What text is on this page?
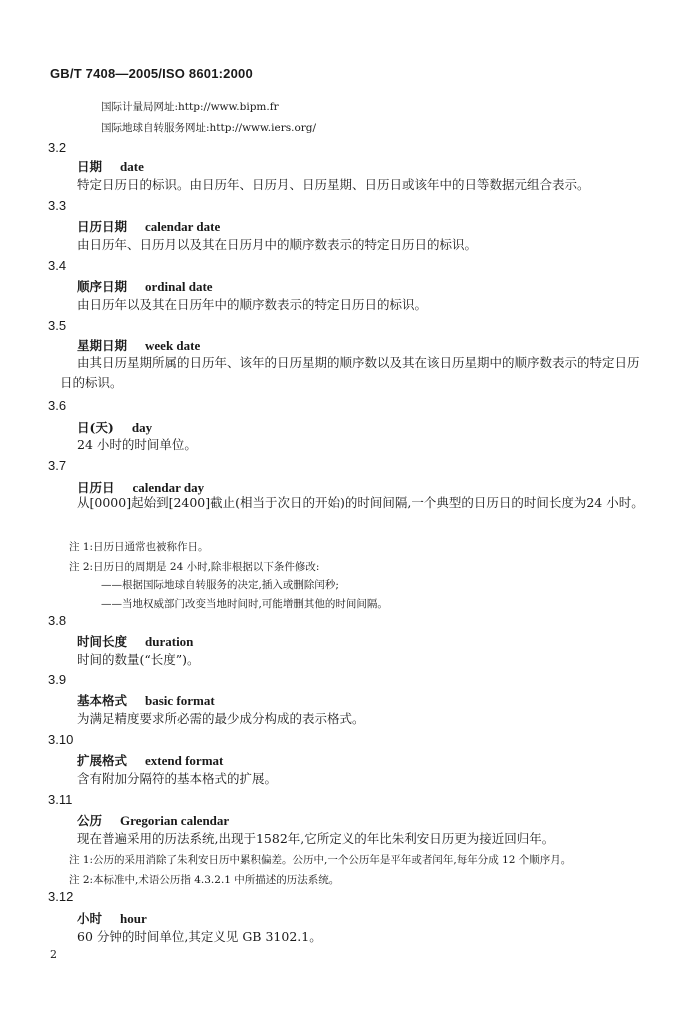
GB/T 7408—2005/ISO 8601:2000
国际计量局网址:http://www.bipm.fr
国际地球自转服务网址:http://www.iers.org/
3.2
日期 date
特定日历日的标识。由日历年、日历月、日历星期、日历日或该年中的日等数据元组合表示。
3.3
日历日期 calendar date
由日历年、日历月以及其在日历月中的顺序数表示的特定日历日的标识。
3.4
顺序日期 ordinal date
由日历年以及其在日历年中的顺序数表示的特定日历日的标识。
3.5
星期日期 week date
由其日历星期所属的日历年、该年的日历星期的顺序数以及其在该日历星期中的顺序数表示的特定日历日的标识。
3.6
日(天) day
24 小时的时间单位。
3.7
日历日 calendar day
从[0000]起始到[2400]截止(相当于次日的开始)的时间间隔,一个典型的日历日的时间长度为24 小时。
注 1:日历日通常也被称作日。
注 2:日历日的周期是 24 小时,除非根据以下条件修改:
——根据国际地球自转服务的决定,插入或删除闰秒;
——当地权威部门改变当地时间时,可能增删其他的时间间隔。
3.8
时间长度 duration
时间的数量(“长度”)。
3.9
基本格式 basic format
为满足精度要求所必需的最少成分构成的表示格式。
3.10
扩展格式 extend format
含有附加分隔符的基本格式的扩展。
3.11
公历 Gregorian calendar
现在普遍采用的历法系统,出现于1582年,它所定义的年比朱利安日历更为接近回归年。
注 1:公历的采用消除了朱利安日历中累积偏差。公历中,一个公历年是平年或者闰年,每年分成 12 个顺序月。
注 2:本标准中,术语公历指 4.3.2.1 中所描述的历法系统。
3.12
小时 hour
60 分钟的时间单位,其定义见 GB 3102.1。
2
